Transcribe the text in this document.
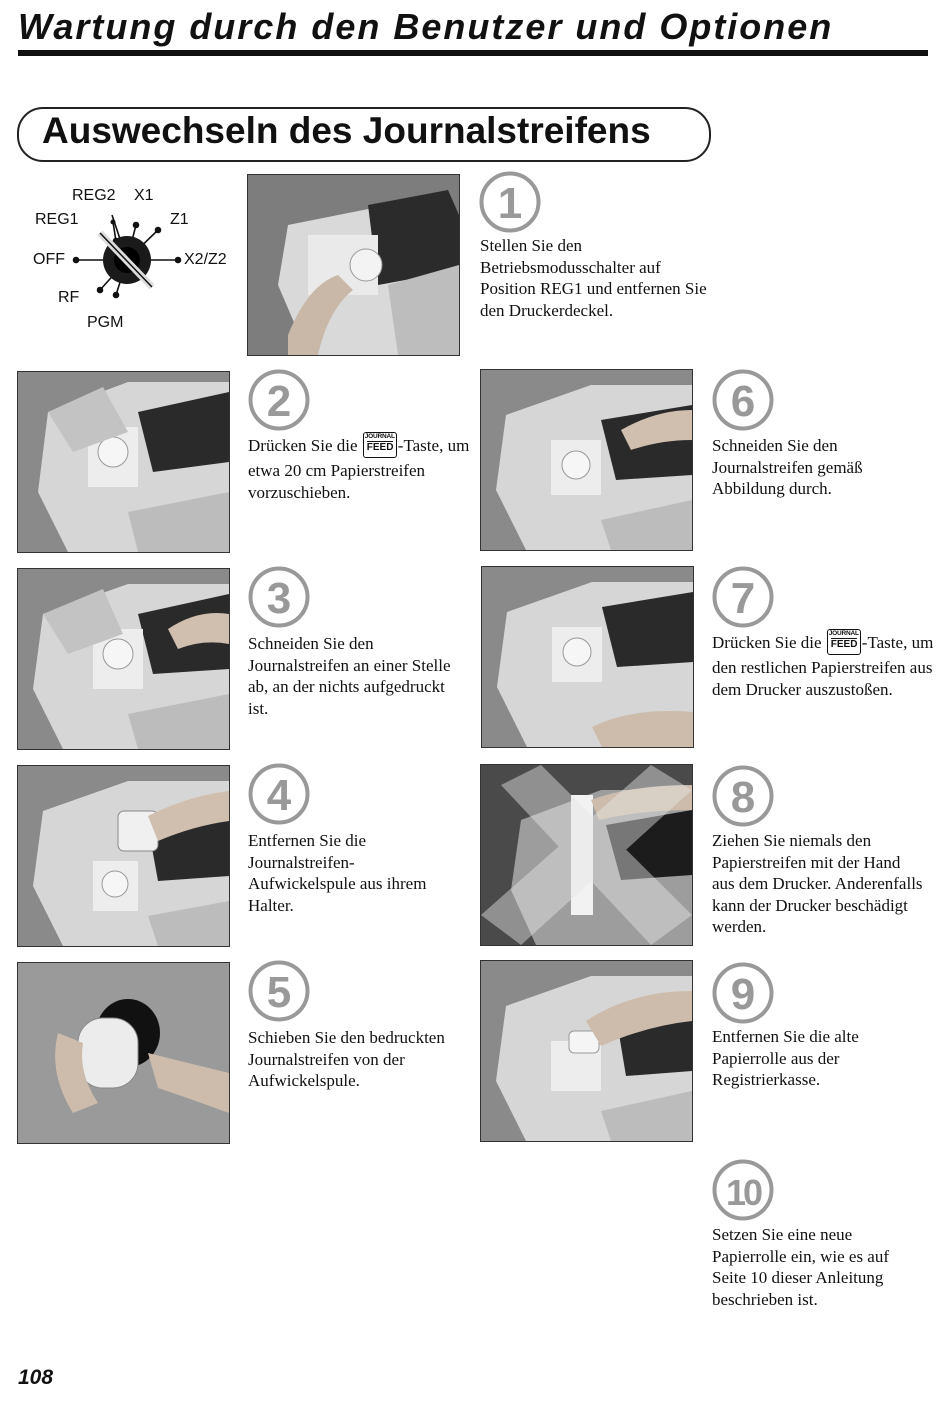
Wartung durch den Benutzer und Optionen
Auswechseln des Journalstreifens
REG2 X1
REG1	Z1
OFF	X2/Z2
RF
PGM
1
Stellen Sie den Betriebsmodusschalter auf Position REG1 und entfernen Sie den Druckerdeckel.
2
Drücken Sie die JOURNAL
FEED -Taste, um etwa 20 cm Papierstreifen vorzuschieben.
3
Schneiden Sie den Journalstreifen an einer Stelle ab, an der nichts aufgedruckt ist.
4
Entfernen Sie die Journalstreifen-Aufwickelspule aus ihrem Halter.
5
Schieben Sie den bedruckten Journalstreifen von der Aufwickelspule.
6
Schneiden Sie den Journalstreifen gemäß Abbildung durch.
7
Drücken Sie die JOURNAL
FEED -Taste, um den restlichen Papierstreifen aus dem Drucker auszustoßen.
8
Ziehen Sie niemals den Papierstreifen mit der Hand aus dem Drucker. Anderenfalls kann der Drucker beschädigt werden.
9
Entfernen Sie die alte Papierrolle aus der Registrierkasse.
10
Setzen Sie eine neue Papierrolle ein, wie es auf Seite 10 dieser Anleitung beschrieben ist.
108
